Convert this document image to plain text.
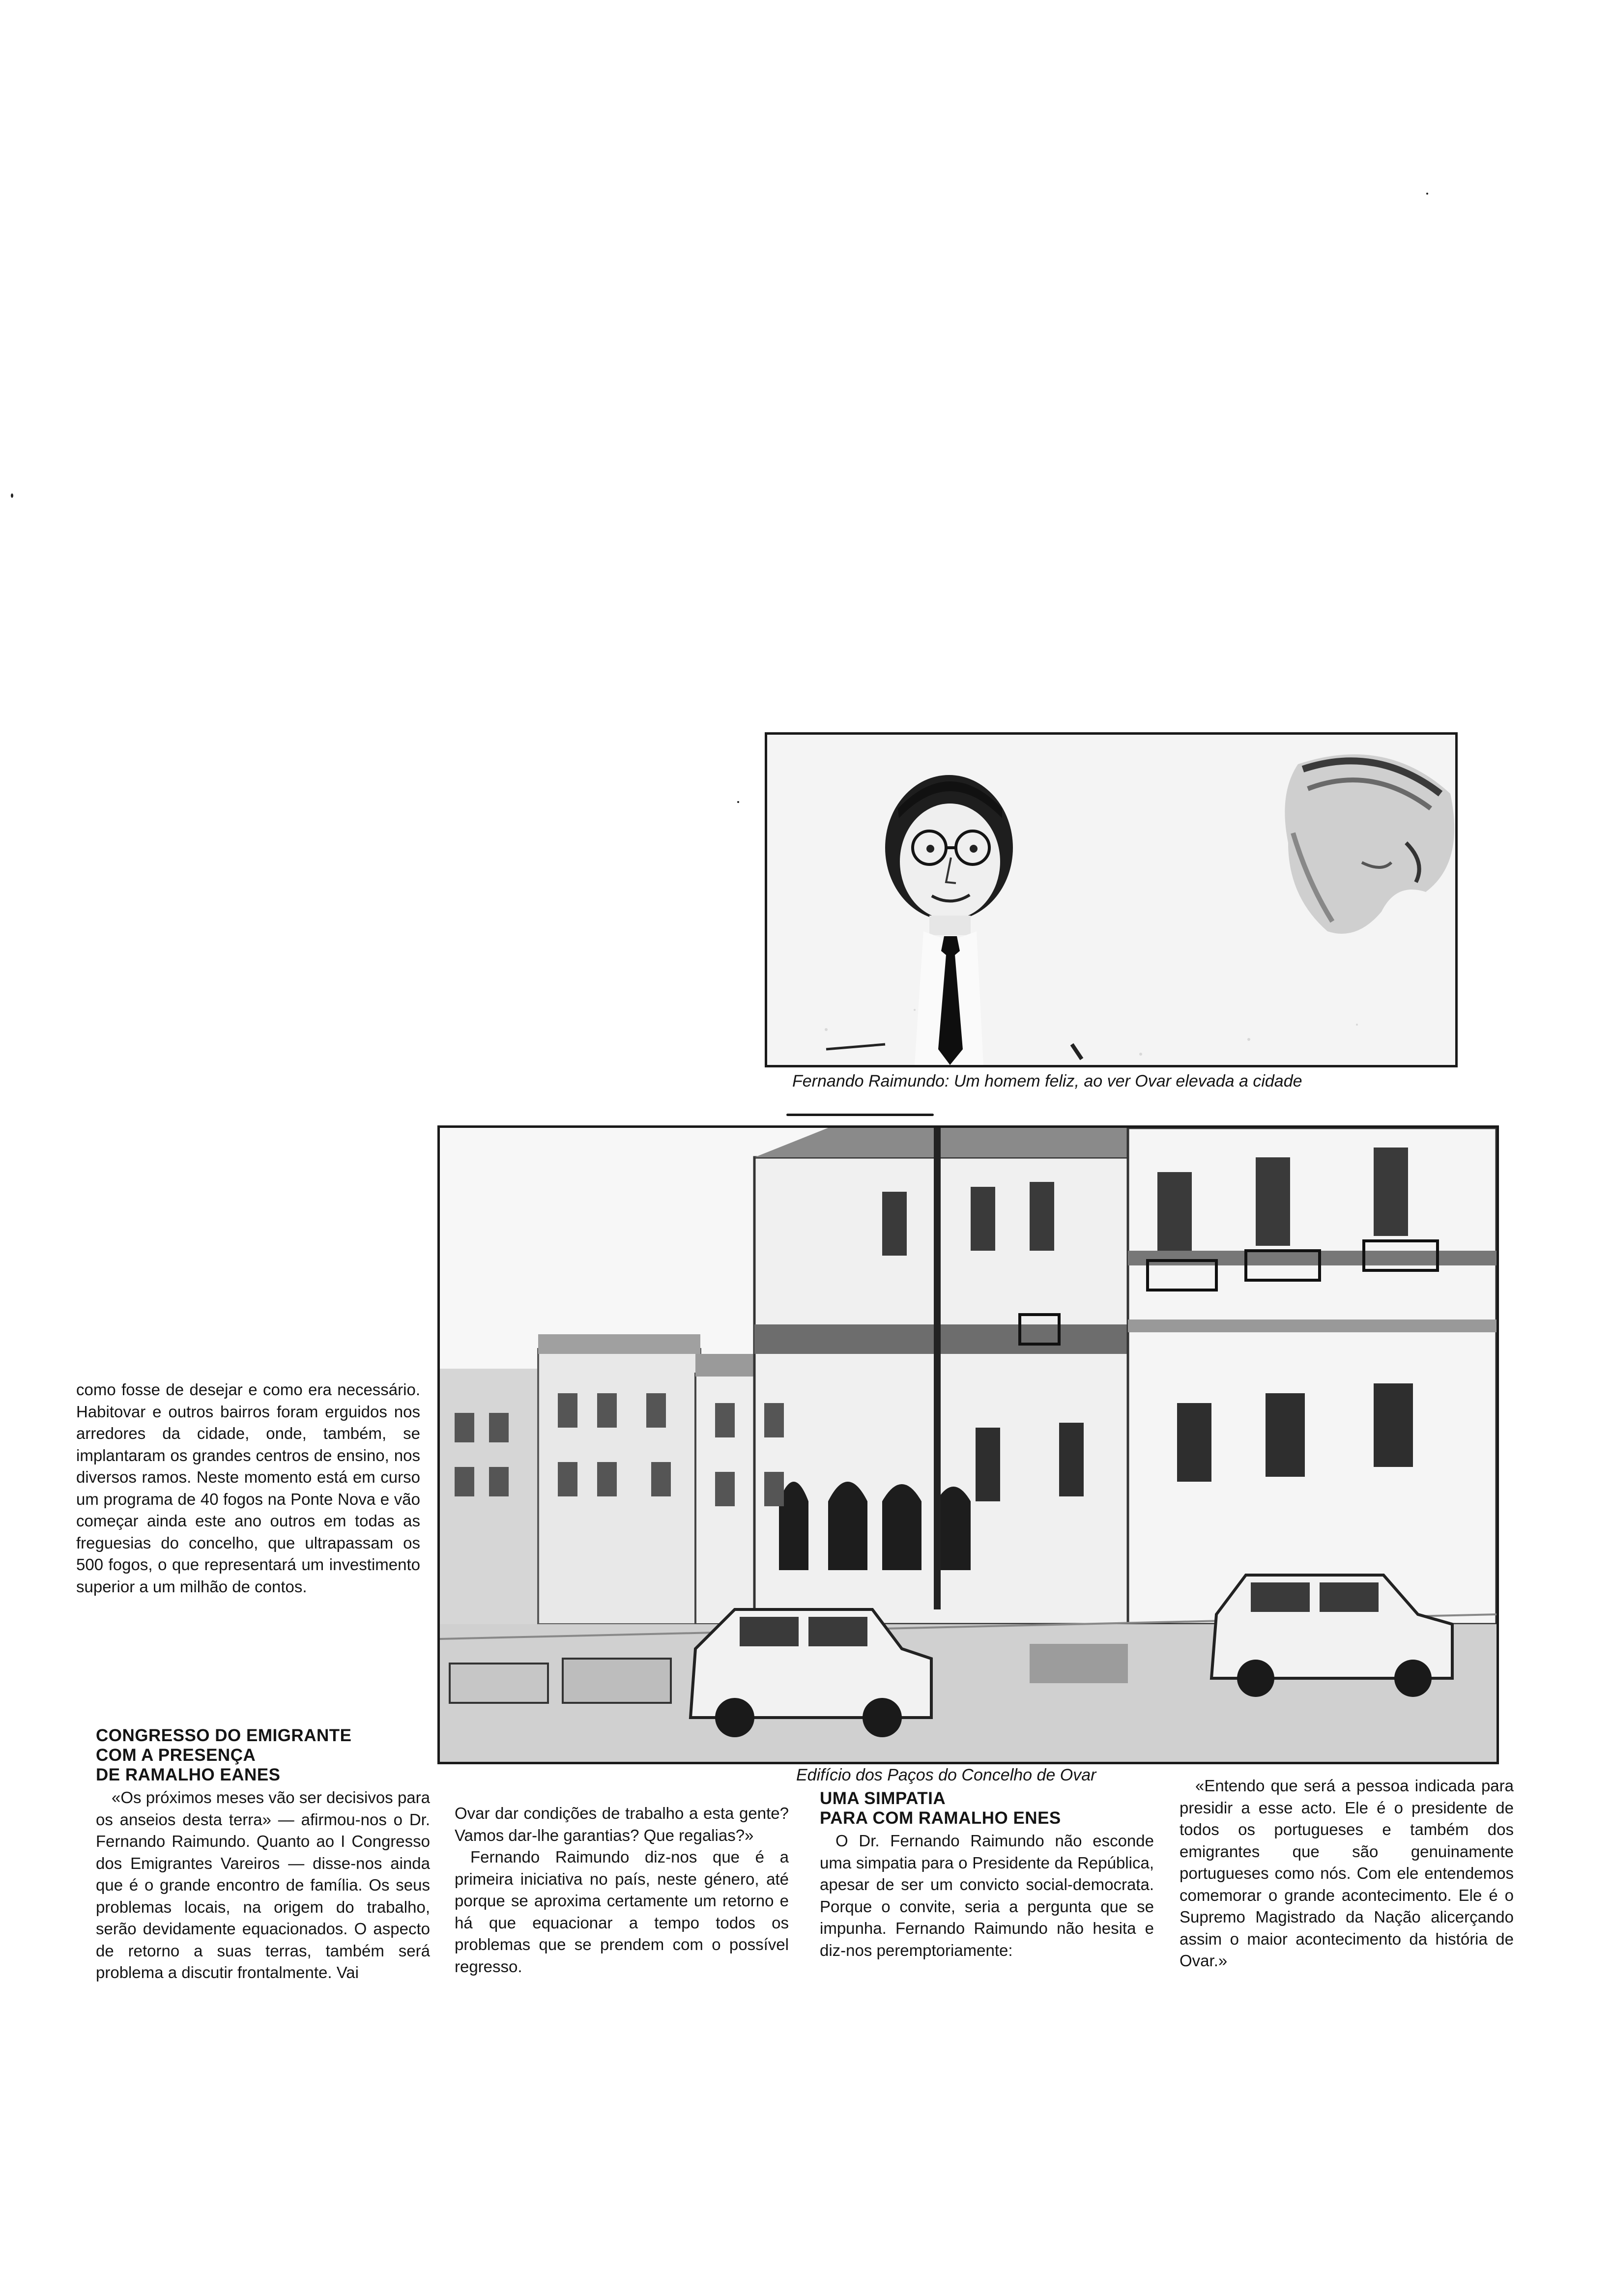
Fernando Raimundo: Um homem feliz, ao ver Ovar elevada a cidade
Edifício dos Paços do Concelho de Ovar

como fosse de desejar e como era necessário. Habitovar e outros bairros foram erguidos nos arredores da cidade, onde, também, se implantaram os grandes centros de ensino, nos diversos ramos. Neste momento está em curso um programa de 40 fogos na Ponte Nova e vão começar ainda este ano outros em todas as freguesias do concelho, que ultrapassam os 500 fogos, o que representará um investimento superior a um milhão de contos.

CONGRESSO DO EMIGRANTE
COM A PRESENÇA
DE RAMALHO EANES

«Os próximos meses vão ser decisivos para os anseios desta terra» — afirmou-nos o Dr. Fernando Raimundo. Quanto ao I Congresso dos Emigrantes Vareiros — disse-nos ainda que é o grande encontro de família. Os seus problemas locais, na origem do trabalho, serão devidamente equacionados. O aspecto de retorno a suas terras, também será problema a discutir frontalmente. Vai

Ovar dar condições de trabalho a esta gente? Vamos dar-lhe garantias? Que regalias?»

Fernando Raimundo diz-nos que é a primeira iniciativa no país, neste género, até porque se aproxima certamente um retorno e há que equacionar a tempo todos os problemas que se prendem com o possível regresso.

UMA SIMPATIA
PARA COM RAMALHO ENES

O Dr. Fernando Raimundo não esconde uma simpatia para o Presidente da República, apesar de ser um convicto social-democrata. Porque o convite, seria a pergunta que se impunha. Fernando Raimundo não hesita e diz-nos peremptoriamente:

«Entendo que será a pessoa indicada para presidir a esse acto. Ele é o presidente de todos os portugueses e também dos emigrantes que são genuinamente portugueses como nós. Com ele entendemos comemorar o grande acontecimento. Ele é o Supremo Magistrado da Nação alicerçando assim o maior acontecimento da história de Ovar.»
